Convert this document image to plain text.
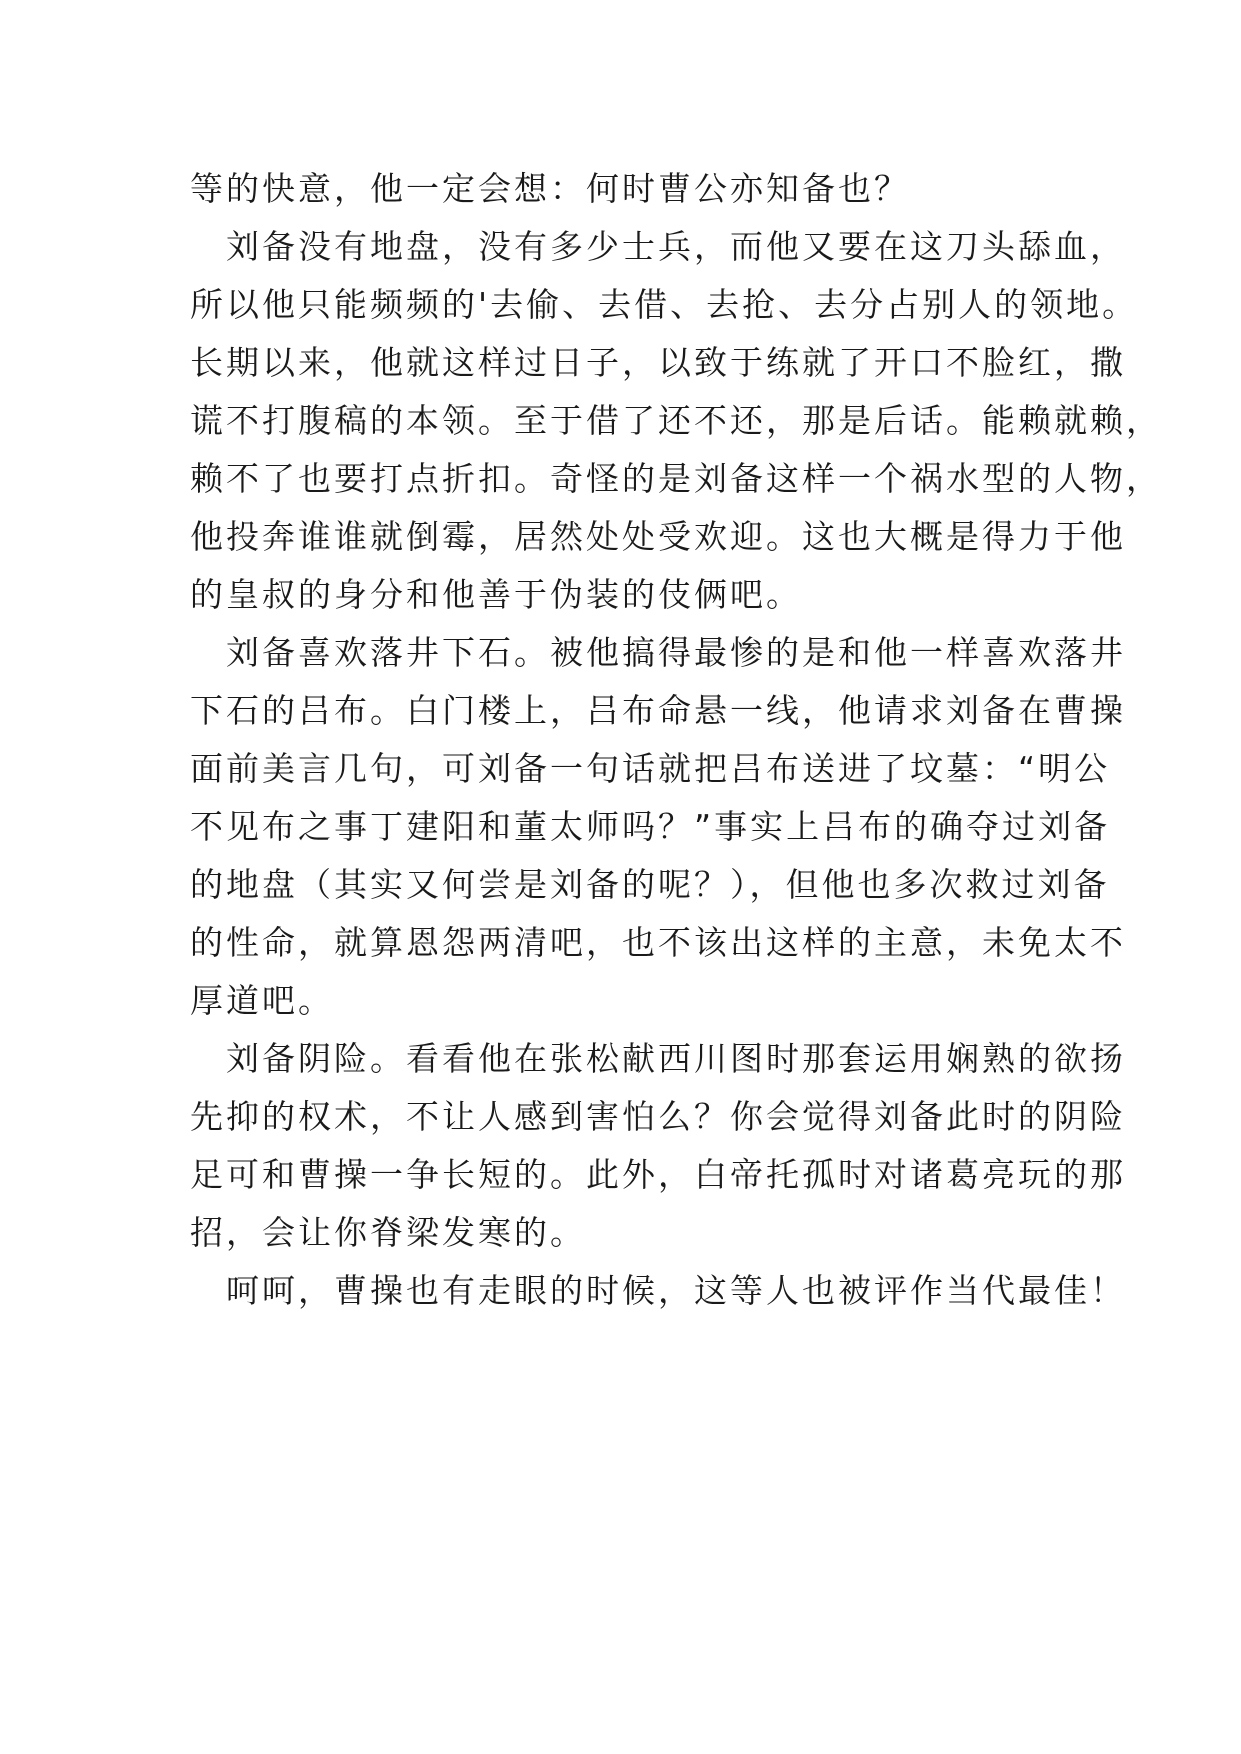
等的快意，他一定会想：何时曹公亦知备也？
刘备没有地盘，没有多少士兵，而他又要在这刀头舔血，
所以他只能频频的'去偷、去借、去抢、去分占别人的领地。
长期以来，他就这样过日子，以致于练就了开口不脸红，撒
谎不打腹稿的本领。至于借了还不还，那是后话。能赖就赖，
赖不了也要打点折扣。奇怪的是刘备这样一个祸水型的人物，
他投奔谁谁就倒霉，居然处处受欢迎。这也大概是得力于他
的皇叔的身分和他善于伪装的伎俩吧。
刘备喜欢落井下石。被他搞得最惨的是和他一样喜欢落井
下石的吕布。白门楼上，吕布命悬一线，他请求刘备在曹操
面前美言几句，可刘备一句话就把吕布送进了坟墓：“明公
不见布之事丁建阳和董太师吗？”事实上吕布的确夺过刘备
的地盘（其实又何尝是刘备的呢？），但他也多次救过刘备
的性命，就算恩怨两清吧，也不该出这样的主意，未免太不
厚道吧。
刘备阴险。看看他在张松献西川图时那套运用娴熟的欲扬
先抑的权术，不让人感到害怕么？你会觉得刘备此时的阴险
足可和曹操一争长短的。此外，白帝托孤时对诸葛亮玩的那
招，会让你脊梁发寒的。
呵呵，曹操也有走眼的时候，这等人也被评作当代最佳！
